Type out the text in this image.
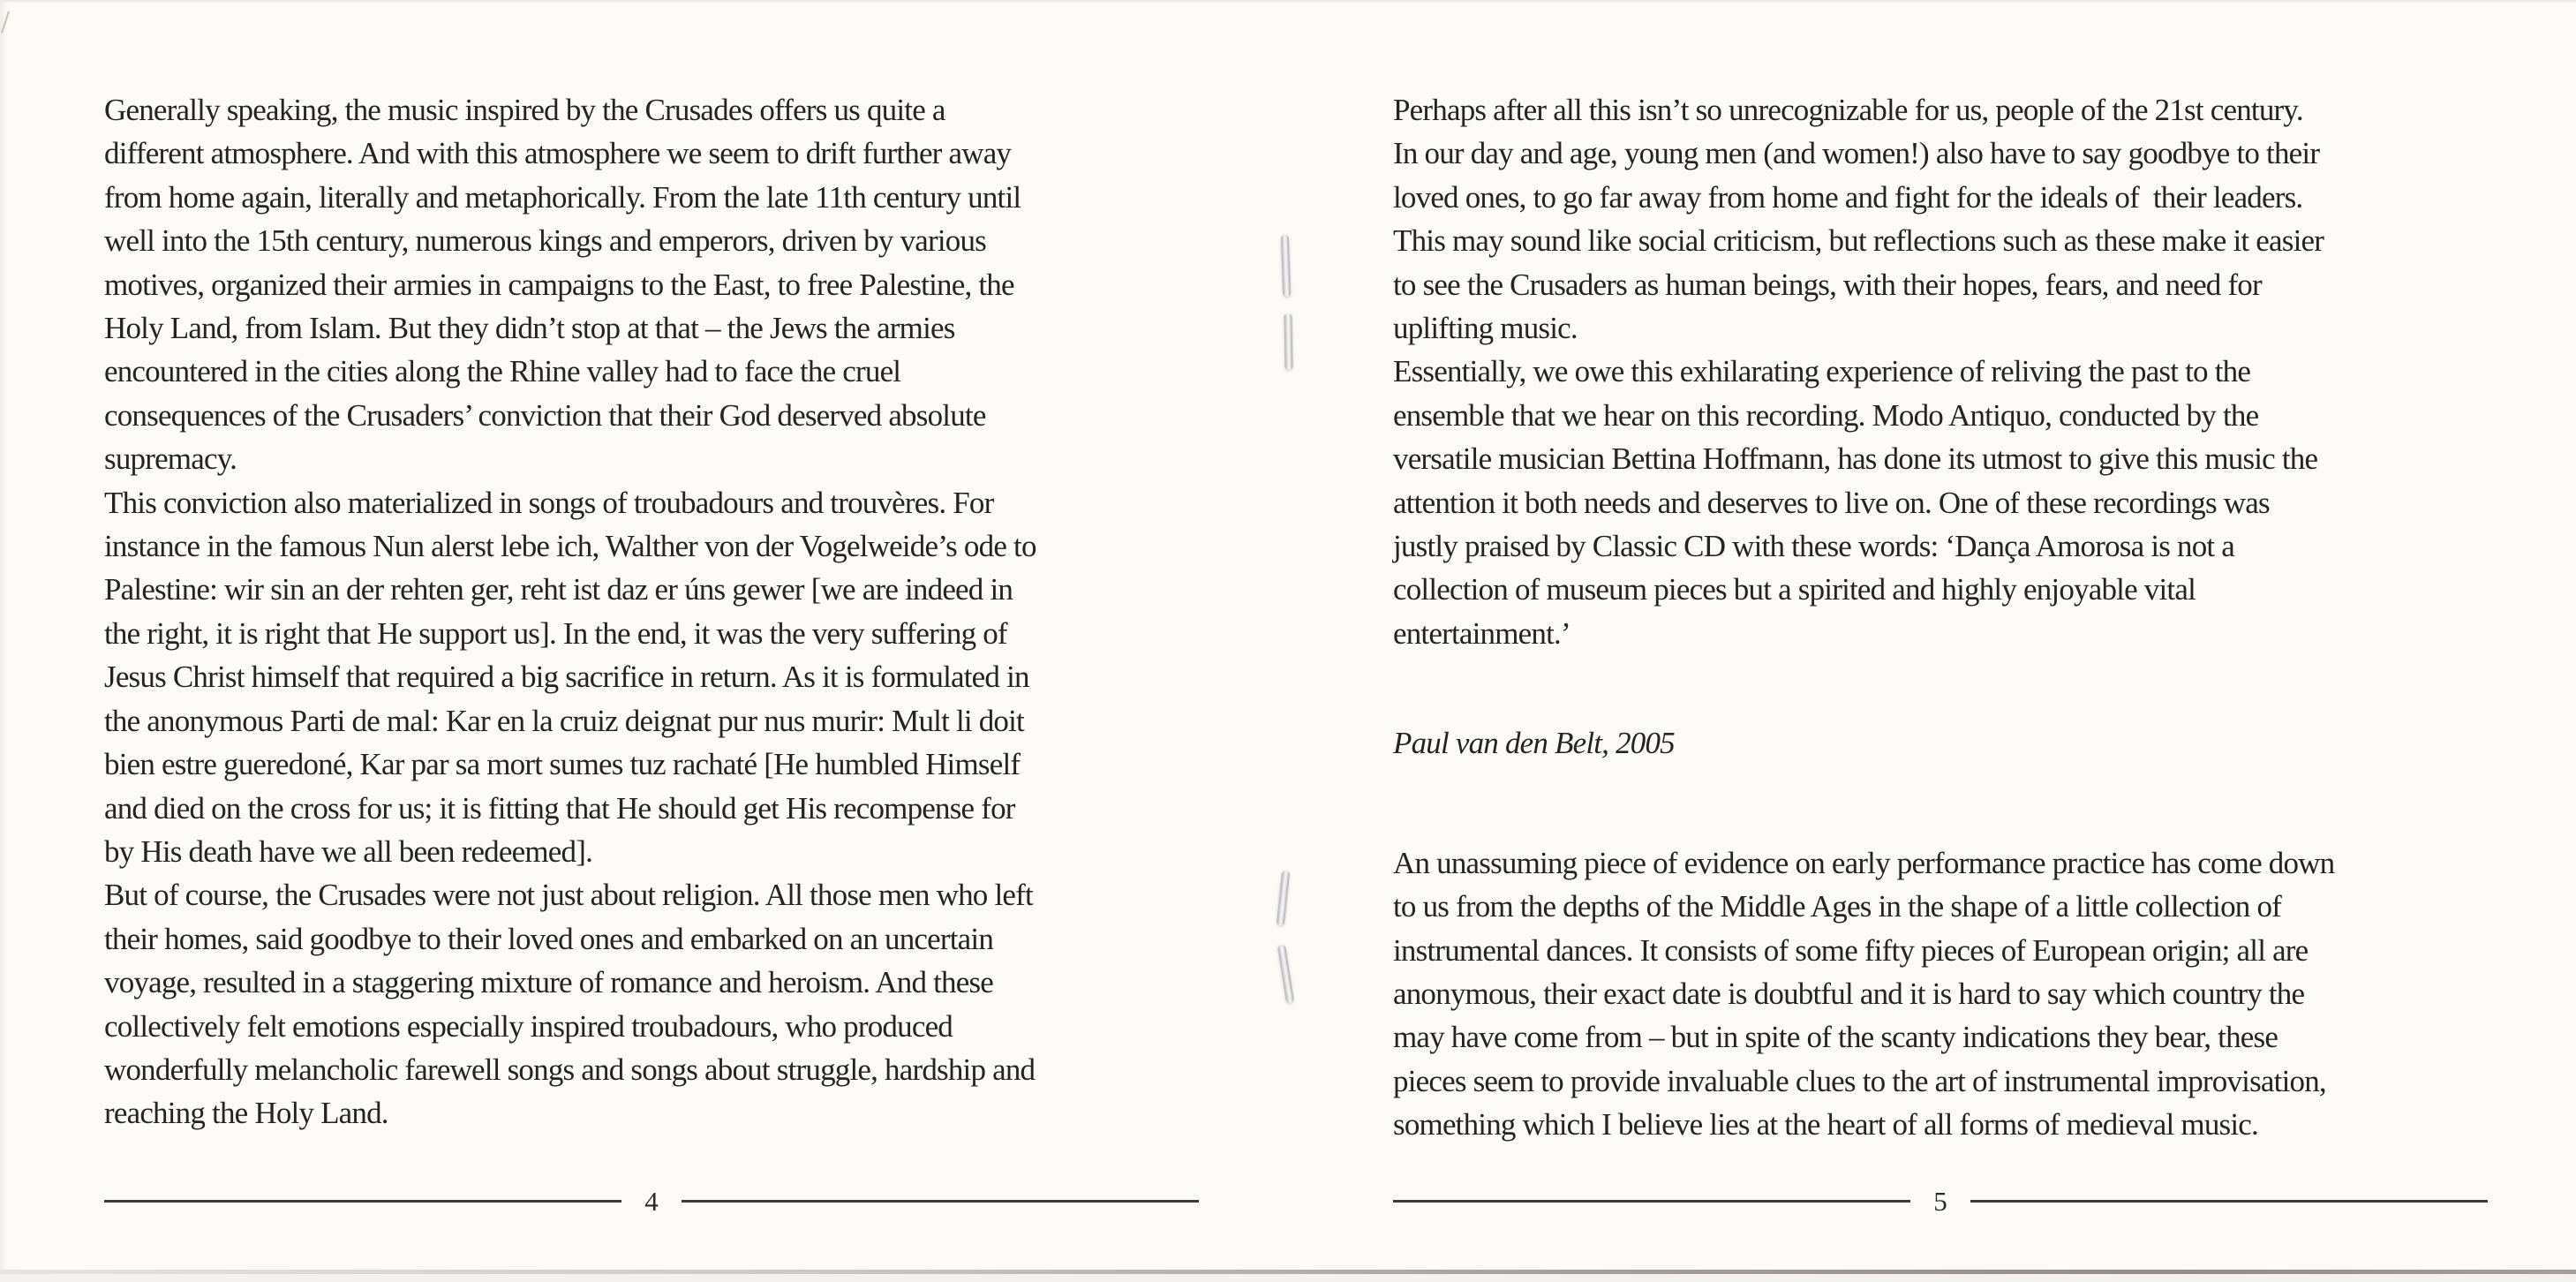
Generally speaking, the music inspired by the Crusades offers us quite a
different atmosphere. And with this atmosphere we seem to drift further away
from home again, literally and metaphorically. From the late 11th century until
well into the 15th century, numerous kings and emperors, driven by various
motives, organized their armies in campaigns to the East, to free Palestine, the
Holy Land, from Islam. But they didn’t stop at that – the Jews the armies
encountered in the cities along the Rhine valley had to face the cruel
consequences of the Crusaders’ conviction that their God deserved absolute
supremacy.
This conviction also materialized in songs of troubadours and trouvères. For
instance in the famous Nun alerst lebe ich, Walther von der Vogelweide’s ode to
Palestine: wir sin an der rehten ger, reht ist daz er úns gewer [we are indeed in
the right, it is right that He support us]. In the end, it was the very suffering of
Jesus Christ himself that required a big sacrifice in return. As it is formulated in
the anonymous Parti de mal: Kar en la cruiz deignat pur nus murir: Mult li doit
bien estre gueredoné, Kar par sa mort sumes tuz rachaté [He humbled Himself
and died on the cross for us; it is fitting that He should get His recompense for
by His death have we all been redeemed].
But of course, the Crusades were not just about religion. All those men who left
their homes, said goodbye to their loved ones and embarked on an uncertain
voyage, resulted in a staggering mixture of romance and heroism. And these
collectively felt emotions especially inspired troubadours, who produced
wonderfully melancholic farewell songs and songs about struggle, hardship and
reaching the Holy Land.
4
Perhaps after all this isn’t so unrecognizable for us, people of the 21st century.
In our day and age, young men (and women!) also have to say goodbye to their
loved ones, to go far away from home and fight for the ideals of  their leaders.
This may sound like social criticism, but reflections such as these make it easier
to see the Crusaders as human beings, with their hopes, fears, and need for
uplifting music.
Essentially, we owe this exhilarating experience of reliving the past to the
ensemble that we hear on this recording. Modo Antiquo, conducted by the
versatile musician Bettina Hoffmann, has done its utmost to give this music the
attention it both needs and deserves to live on. One of these recordings was
justly praised by Classic CD with these words: ‘Dança Amorosa is not a
collection of museum pieces but a spirited and highly enjoyable vital
entertainment.’
Paul van den Belt, 2005
An unassuming piece of evidence on early performance practice has come down
to us from the depths of the Middle Ages in the shape of a little collection of
instrumental dances. It consists of some fifty pieces of European origin; all are
anonymous, their exact date is doubtful and it is hard to say which country the
may have come from – but in spite of the scanty indications they bear, these
pieces seem to provide invaluable clues to the art of instrumental improvisation,
something which I believe lies at the heart of all forms of medieval music.
5
